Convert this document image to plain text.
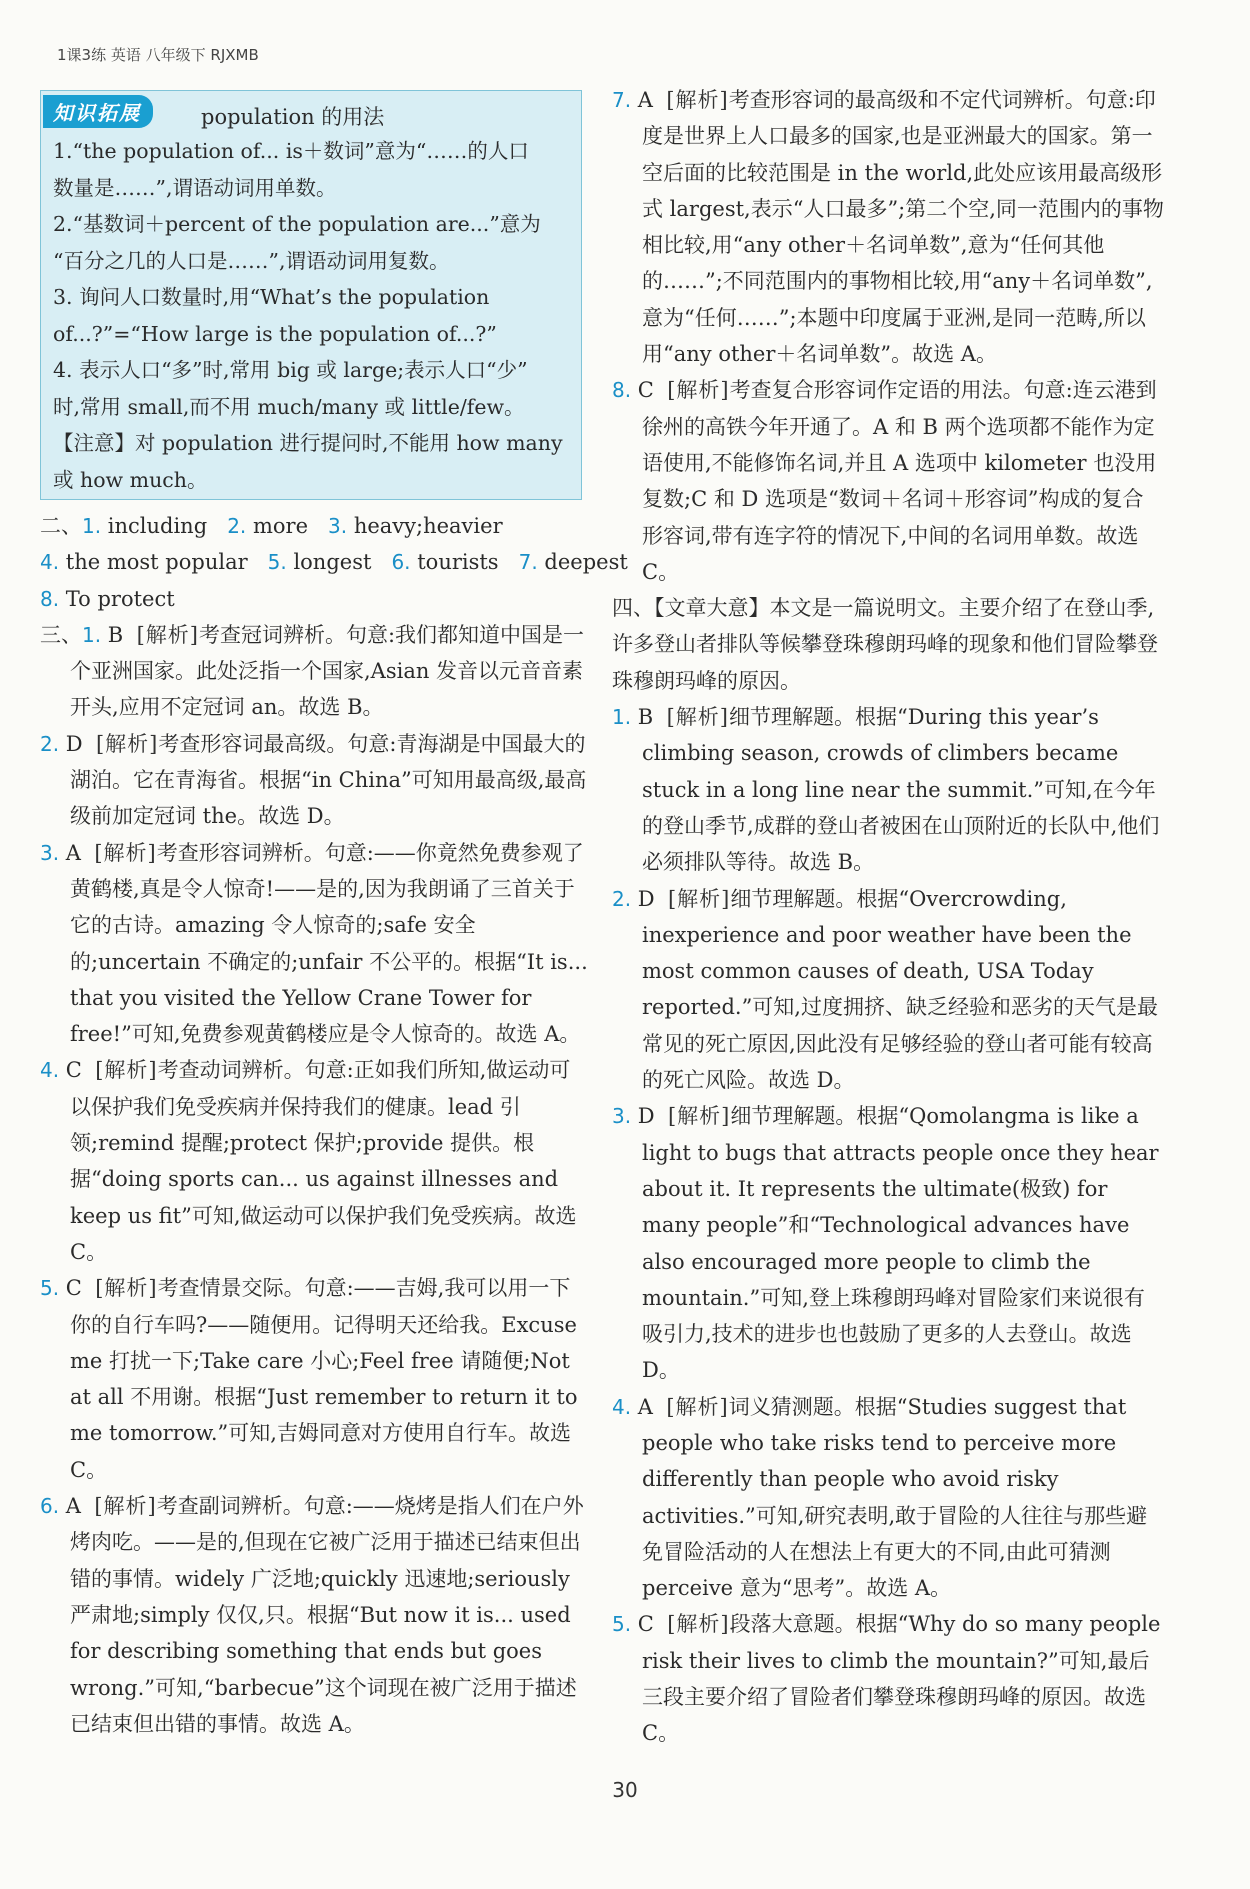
1课3练 英语 八年级下 RJXMB
知识拓展	population 的用法
1.“the population of... is＋数词”意为“……的人口
数量是……”,谓语动词用单数。
2.“基数词＋percent of the population are...”意为
“百分之几的人口是……”,谓语动词用复数。
3. 询问人口数量时,用“What’s the population
of...?”=“How large is the population of...?”
4. 表示人口“多”时,常用 big 或 large;表示人口“少”
时,常用 small,而不用 much/many 或 little/few。
【注意】对 population 进行提问时,不能用 how many
或 how much。
二、1. including 2. more 3. heavy;heavier
4. the most popular 5. longest 6. tourists 7. deepest
8. To protect

三、1. B [解析]考查冠词辨析。句意:我们都知道中国是一个亚洲国家。此处泛指一个国家,Asian 发音以元音音素开头,应用不定冠词 an。故选 B。

2. D [解析]考查形容词最高级。句意:青海湖是中国最大的湖泊。它在青海省。根据“in China”可知用最高级,最高级前加定冠词 the。故选 D。

3. A [解析]考查形容词辨析。句意:——你竟然免费参观了黄鹤楼,真是令人惊奇!——是的,因为我朗诵了三首关于它的古诗。amazing 令人惊奇的;safe 安全的;uncertain 不确定的;unfair 不公平的。根据“It is... that you visited the Yellow Crane Tower for free!”可知,免费参观黄鹤楼应是令人惊奇的。故选 A。

4. C [解析]考查动词辨析。句意:正如我们所知,做运动可以保护我们免受疾病并保持我们的健康。lead 引领;remind 提醒;protect 保护;provide 提供。根据“doing sports can... us against illnesses and keep us fit”可知,做运动可以保护我们免受疾病。故选 C。

5. C [解析]考查情景交际。句意:——吉姆,我可以用一下你的自行车吗?——随便用。记得明天还给我。Excuse me 打扰一下;Take care 小心;Feel free 请随便;Not at all 不用谢。根据“Just remember to return it to me tomorrow.”可知,吉姆同意对方使用自行车。故选 C。

6. A [解析]考查副词辨析。句意:——烧烤是指人们在户外烤肉吃。——是的,但现在它被广泛用于描述已结束但出错的事情。widely 广泛地;quickly 迅速地;seriously 严肃地;simply 仅仅,只。根据“But now it is... used for describing something that ends but goes wrong.”可知,“barbecue”这个词现在被广泛用于描述已结束但出错的事情。故选 A。

7. A [解析]考查形容词的最高级和不定代词辨析。句意:印度是世界上人口最多的国家,也是亚洲最大的国家。第一空后面的比较范围是 in the world,此处应该用最高级形式 largest,表示“人口最多”;第二个空,同一范围内的事物相比较,用“any other＋名词单数”,意为“任何其他的……”;不同范围内的事物相比较,用“any＋名词单数”,意为“任何……”;本题中印度属于亚洲,是同一范畴,所以用“any other＋名词单数”。故选 A。

8. C [解析]考查复合形容词作定语的用法。句意:连云港到徐州的高铁今年开通了。A 和 B 两个选项都不能作为定语使用,不能修饰名词,并且 A 选项中 kilometer 也没用复数;C 和 D 选项是“数词＋名词＋形容词”构成的复合形容词,带有连字符的情况下,中间的名词用单数。故选 C。

四、【文章大意】本文是一篇说明文。主要介绍了在登山季,许多登山者排队等候攀登珠穆朗玛峰的现象和他们冒险攀登珠穆朗玛峰的原因。

1. B [解析]细节理解题。根据“During this year’s climbing season, crowds of climbers became stuck in a long line near the summit.”可知,在今年的登山季节,成群的登山者被困在山顶附近的长队中,他们必须排队等待。故选 B。

2. D [解析]细节理解题。根据“Overcrowding, inexperience and poor weather have been the most common causes of death, USA Today reported.”可知,过度拥挤、缺乏经验和恶劣的天气是最常见的死亡原因,因此没有足够经验的登山者可能有较高的死亡风险。故选 D。

3. D [解析]细节理解题。根据“Qomolangma is like a light to bugs that attracts people once they hear about it. It represents the ultimate(极致) for many people”和“Technological advances have also encouraged more people to climb the mountain.”可知,登上珠穆朗玛峰对冒险家们来说很有吸引力,技术的进步也也鼓励了更多的人去登山。故选 D。

4. A [解析]词义猜测题。根据“Studies suggest that people who take risks tend to perceive more differently than people who avoid risky activities.”可知,研究表明,敢于冒险的人往往与那些避免冒险活动的人在想法上有更大的不同,由此可猜测 perceive 意为“思考”。故选 A。

5. C [解析]段落大意题。根据“Why do so many people risk their lives to climb the mountain?”可知,最后三段主要介绍了冒险者们攀登珠穆朗玛峰的原因。故选 C。

30
